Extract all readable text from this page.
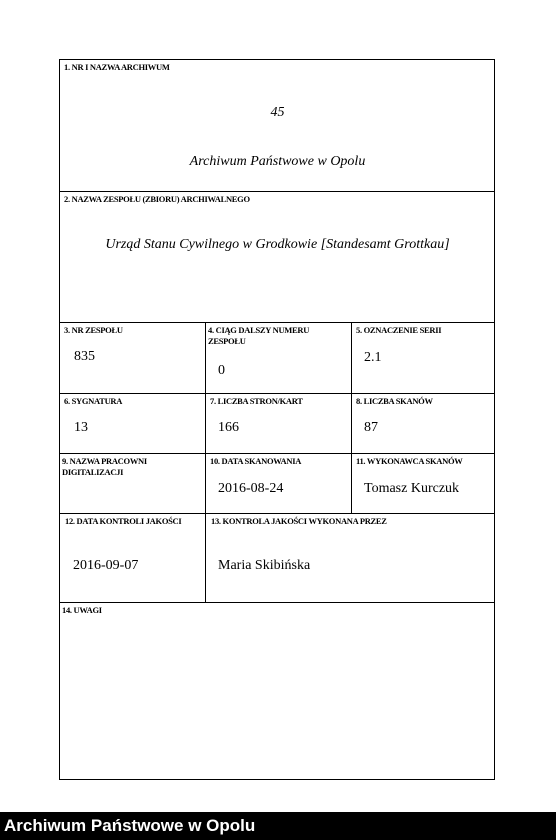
1. NR I NAZWA ARCHIWUM
45
Archiwum Państwowe w Opolu
2. NAZWA ZESPOŁU (ZBIORU) ARCHIWALNEGO
Urząd Stanu Cywilnego w Grodkowie [Standesamt Grottkau]
3. NR ZESPOŁU
835
4. CIĄG DALSZY NUMERU ZESPOŁU
0
5. OZNACZENIE SERII
2.1
6. SYGNATURA
13
7. LICZBA STRON/KART
166
8. LICZBA SKANÓW
87
9. NAZWA PRACOWNI DIGITALIZACJI
10. DATA SKANOWANIA
2016-08-24
11. WYKONAWCA SKANÓW
Tomasz Kurczuk
12. DATA KONTROLI JAKOŚCI
2016-09-07
13. KONTROLA JAKOŚCI WYKONANA PRZEZ
Maria Skibińska
14. UWAGI
Archiwum Państwowe w Opolu
